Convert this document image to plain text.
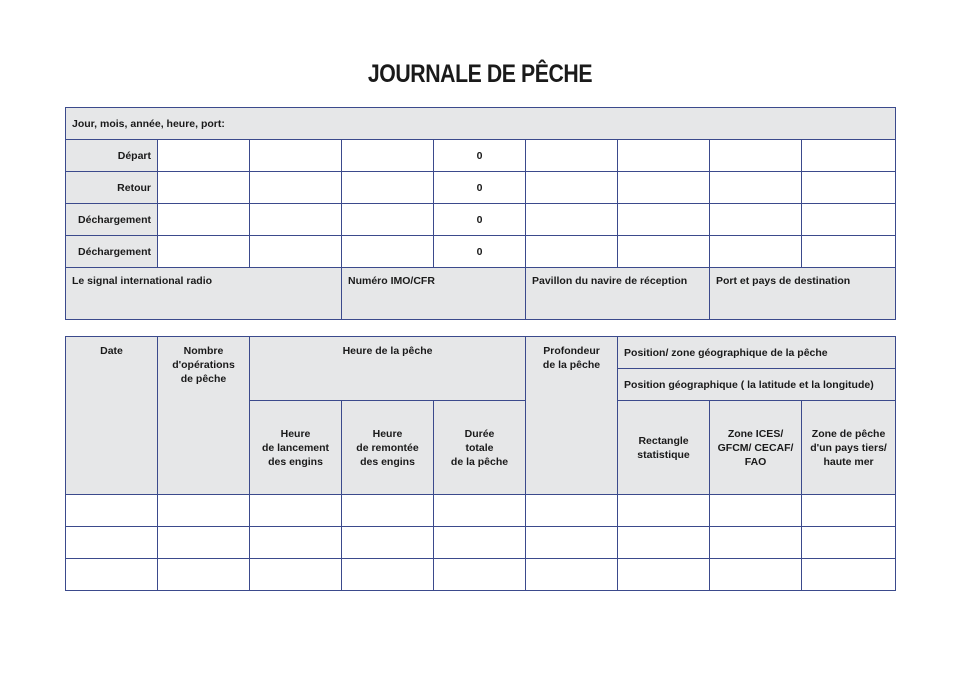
JOURNALE DE PÊCHE
Jour, mois, année, heure, port:								
Départ				0				
Retour				0				
Déchargement				0				
Déchargement				0				
Le signal international radio			Numéro IMO/CFR		Pavillon du navire de réception		Port et pays de destination	
Date	Nombre
d'opérations
de pêche	Heure de la pêche			Profondeur
de la pêche	Position/ zone géographique de la pêche		
						Position géographique ( la latitude et la longitude)		
		Heure
de lancement
des engins	Heure
de remontée
des engins	Durée
totale
de la pêche		Rectangle
statistique	Zone ICES/
GFCM/ CECAF/
FAO	Zone de pêche
d'un pays tiers/
haute mer
